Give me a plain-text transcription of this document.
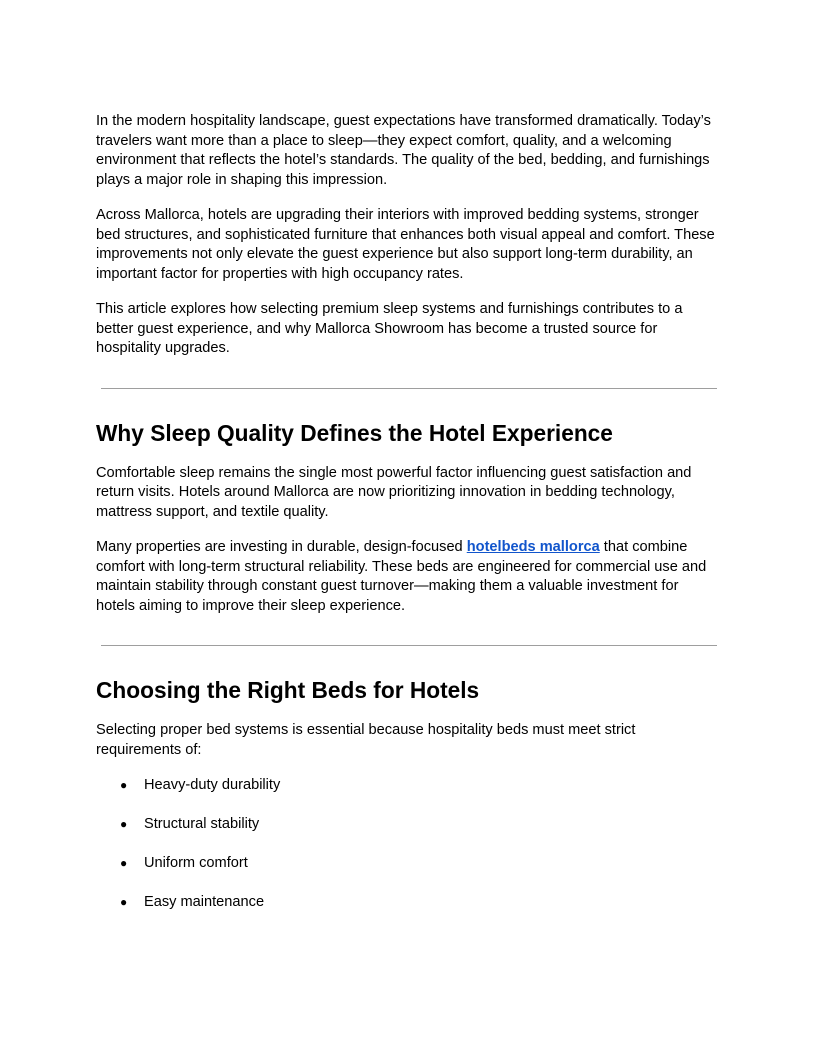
In the modern hospitality landscape, guest expectations have transformed dramatically. Today’s travelers want more than a place to sleep—they expect comfort, quality, and a welcoming environment that reflects the hotel’s standards. The quality of the bed, bedding, and furnishings plays a major role in shaping this impression.

Across Mallorca, hotels are upgrading their interiors with improved bedding systems, stronger bed structures, and sophisticated furniture that enhances both visual appeal and comfort. These improvements not only elevate the guest experience but also support long-term durability, an important factor for properties with high occupancy rates.

This article explores how selecting premium sleep systems and furnishings contributes to a better guest experience, and why Mallorca Showroom has become a trusted source for hospitality upgrades.

Why Sleep Quality Defines the Hotel Experience

Comfortable sleep remains the single most powerful factor influencing guest satisfaction and return visits. Hotels around Mallorca are now prioritizing innovation in bedding technology, mattress support, and textile quality.

Many properties are investing in durable, design-focused hotelbeds mallorca that combine comfort with long-term structural reliability. These beds are engineered for commercial use and maintain stability through constant guest turnover—making them a valuable investment for hotels aiming to improve their sleep experience.

Choosing the Right Beds for Hotels

Selecting proper bed systems is essential because hospitality beds must meet strict requirements of:

● Heavy-duty durability
● Structural stability
● Uniform comfort
● Easy maintenance
